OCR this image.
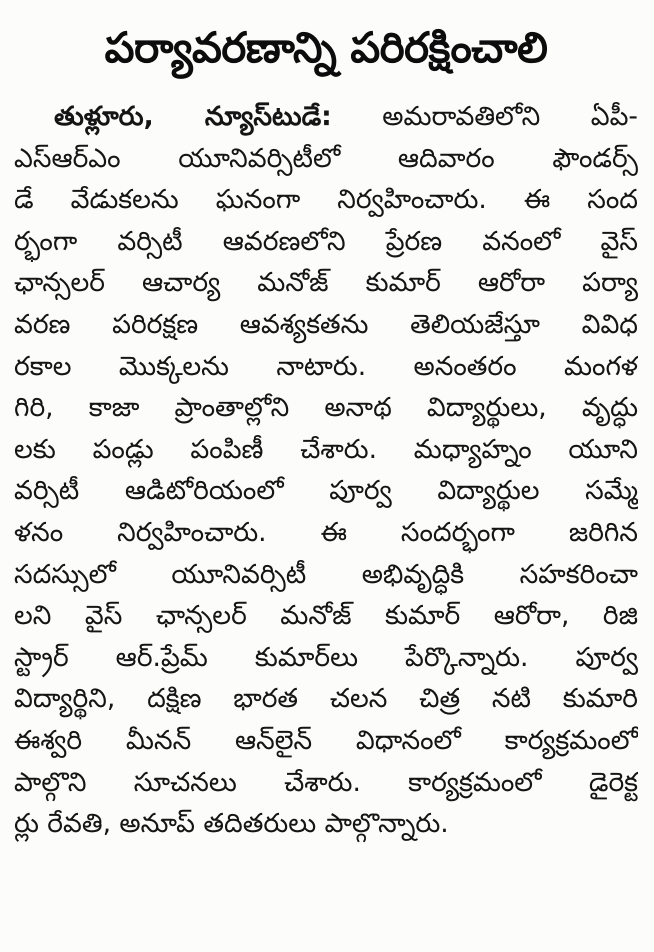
పర్యావరణాన్ని పరిరక్షించాలి
తుళ్లూరు, న్యూస్‌టుడే: అమరావతిలోని ఏపీ-
ఎస్‌ఆర్‌ఎం యూనివర్సిటీలో ఆదివారం ఫౌండర్స్
డే వేడుకలను ఘనంగా నిర్వహించారు. ఈ సంద
ర్భంగా వర్సిటీ ఆవరణలోని ప్రేరణ వనంలో వైస్
ఛాన్సలర్ ఆచార్య మనోజ్ కుమార్ ఆరోరా పర్యా
వరణ పరిరక్షణ ఆవశ్యకతను తెలియజేస్తూ వివిధ
రకాల మొక్కలను నాటారు. అనంతరం మంగళ
గిరి, కాజా ప్రాంతాల్లోని అనాథ విద్యార్థులు, వృద్ధు
లకు పండ్లు పంపిణీ చేశారు. మధ్యాహ్నం యూని
వర్సిటీ ఆడిటోరియంలో పూర్వ విద్యార్థుల సమ్మే
ళనం నిర్వహించారు. ఈ సందర్భంగా జరిగిన
సదస్సులో యూనివర్సిటీ అభివృద్ధికి సహకరించా
లని వైస్ ఛాన్సలర్ మనోజ్ కుమార్ ఆరోరా, రిజి
స్ట్రార్ ఆర్.ప్రేమ్ కుమార్‌లు పేర్కొన్నారు. పూర్వ
విద్యార్థిని, దక్షిణ భారత చలన చిత్ర నటి కుమారి
ఈశ్వరి మీనన్ ఆన్‌లైన్ విధానంలో కార్యక్రమంలో
పాల్గొని సూచనలు చేశారు. కార్యక్రమంలో డైరెక్ట
ర్లు రేవతి, అనూప్ తదితరులు పాల్గొన్నారు.
